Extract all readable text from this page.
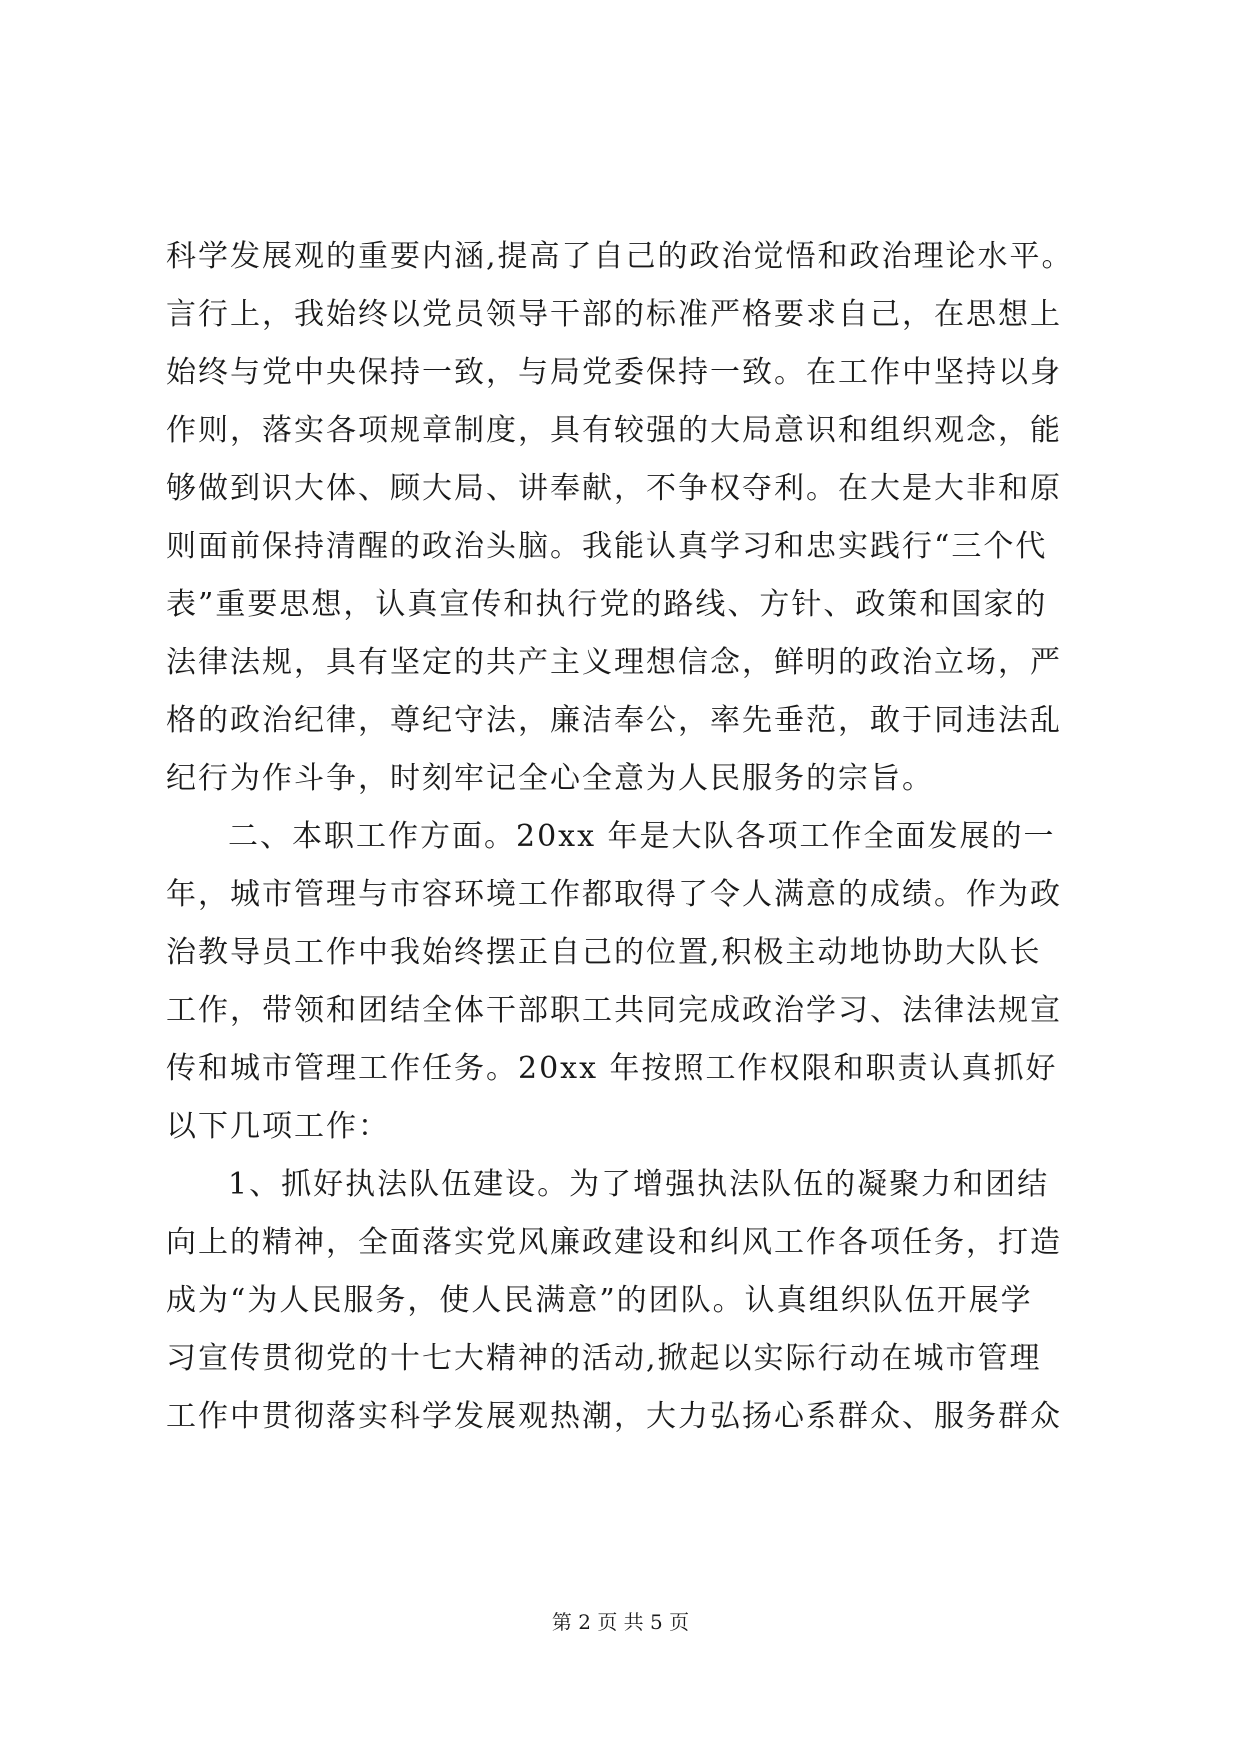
科学发展观的重要内涵,提高了自己的政治觉悟和政治理论水平。
言行上，我始终以党员领导干部的标准严格要求自己，在思想上
始终与党中央保持一致，与局党委保持一致。在工作中坚持以身
作则，落实各项规章制度，具有较强的大局意识和组织观念，能
够做到识大体、顾大局、讲奉献，不争权夺利。在大是大非和原
则面前保持清醒的政治头脑。我能认真学习和忠实践行“三个代
表”重要思想，认真宣传和执行党的路线、方针、政策和国家的
法律法规，具有坚定的共产主义理想信念，鲜明的政治立场，严
格的政治纪律，尊纪守法，廉洁奉公，率先垂范，敢于同违法乱
纪行为作斗争，时刻牢记全心全意为人民服务的宗旨。
二、本职工作方面。20xx 年是大队各项工作全面发展的一
年，城市管理与市容环境工作都取得了令人满意的成绩。作为政
治教导员工作中我始终摆正自己的位置,积极主动地协助大队长
工作，带领和团结全体干部职工共同完成政治学习、法律法规宣
传和城市管理工作任务。20xx 年按照工作权限和职责认真抓好
以下几项工作：
1、抓好执法队伍建设。为了增强执法队伍的凝聚力和团结
向上的精神，全面落实党风廉政建设和纠风工作各项任务，打造
成为“为人民服务，使人民满意”的团队。认真组织队伍开展学
习宣传贯彻党的十七大精神的活动,掀起以实际行动在城市管理
工作中贯彻落实科学发展观热潮，大力弘扬心系群众、服务群众
第 2 页 共 5 页
